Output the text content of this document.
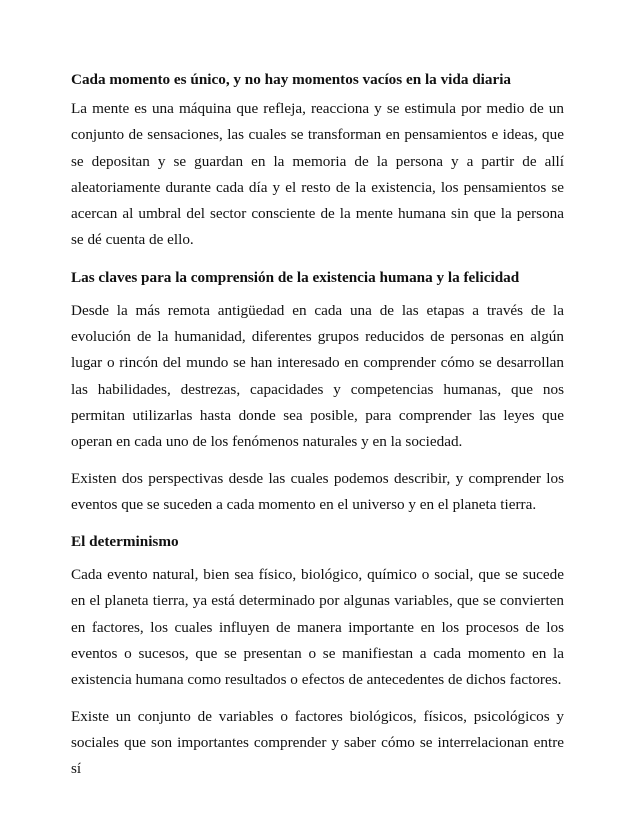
Cada momento es único, y no hay momentos vacíos en la vida diaria

La mente es una máquina que refleja, reacciona y se estimula por medio de un conjunto de sensaciones, las cuales se transforman en pensamientos e ideas, que se depositan y se guardan en la memoria de la persona y a partir de allí aleatoriamente durante cada día y el resto de la existencia, los pensamientos se acercan al umbral del sector consciente de la mente humana sin que la persona se dé cuenta de ello.

Las claves para la comprensión de la existencia humana y la felicidad

Desde la más remota antigüedad en cada una de las etapas a través de la evolución de la humanidad, diferentes grupos reducidos de personas en algún lugar o rincón del mundo se han interesado en comprender cómo se desarrollan las habilidades, destrezas, capacidades y competencias humanas, que nos permitan utilizarlas hasta donde sea posible, para comprender las leyes que operan en cada uno de los fenómenos naturales y en la sociedad.

Existen dos perspectivas desde las cuales podemos describir, y comprender los eventos que se suceden a cada momento en el universo y en el planeta tierra.

El determinismo

Cada evento natural, bien sea físico, biológico, químico o social, que se sucede en el planeta tierra, ya está determinado por algunas variables, que se convierten en factores, los cuales influyen de manera importante en los procesos de los eventos o sucesos, que se presentan o se manifiestan a cada momento en la existencia humana como resultados o efectos de antecedentes de dichos factores.

Existe un conjunto de variables o factores biológicos, físicos, psicológicos y sociales que son importantes comprender y saber cómo se interrelacionan entre sí
